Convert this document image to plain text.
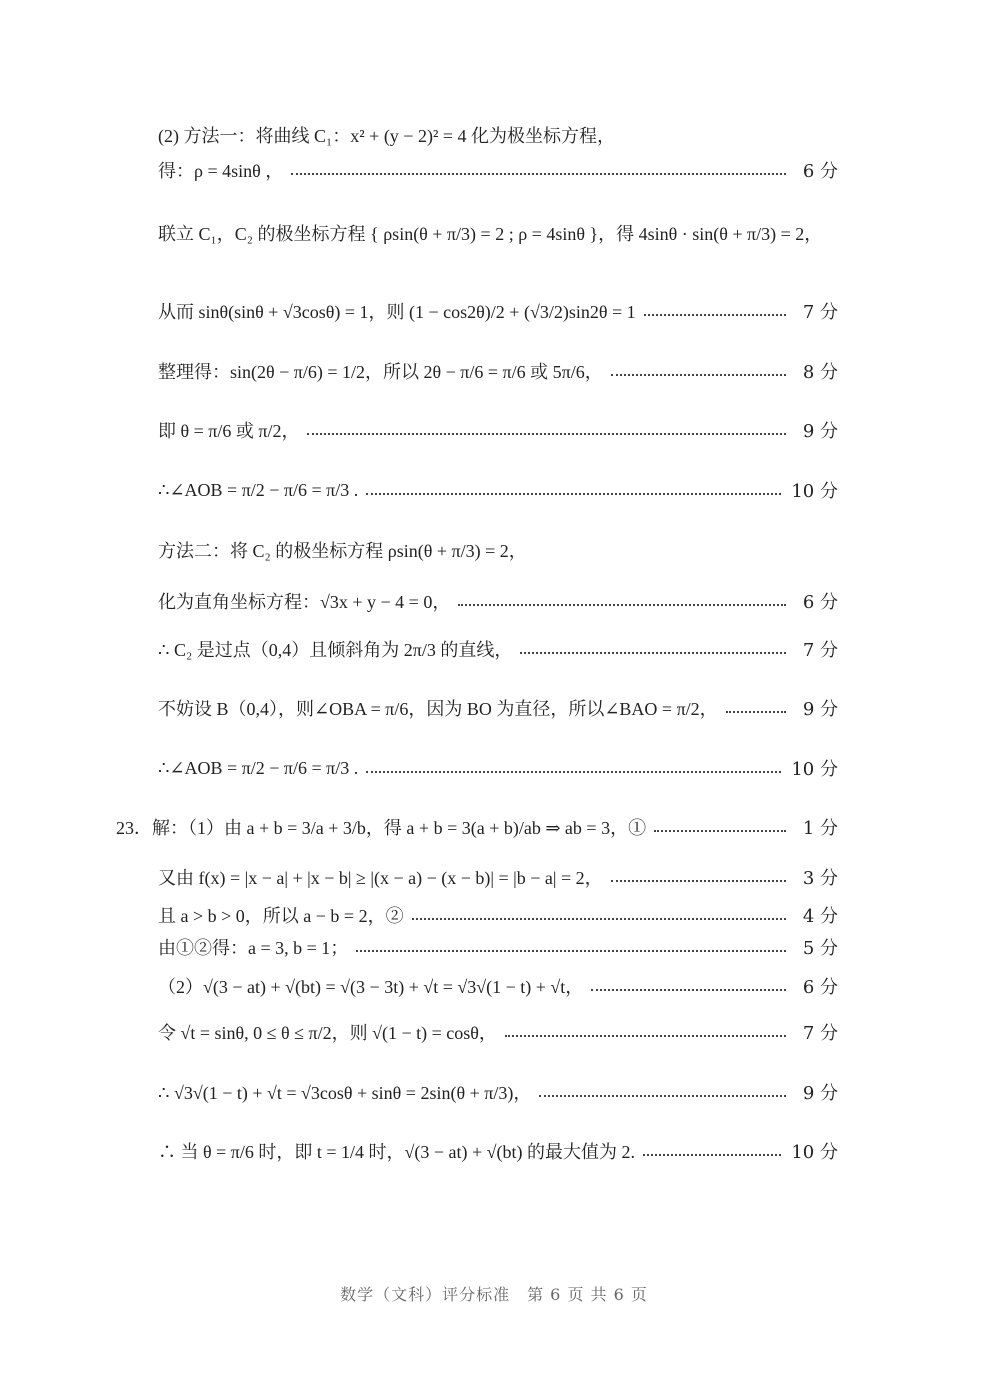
(2) 方法一：将曲线 C₁：x² + (y − 2)² = 4 化为极坐标方程，
得：ρ = 4sinθ ，	6 分
联立 C₁，C₂ 的极坐标方程 { ρsin(θ + π/3) = 2 ; ρ = 4sinθ }，得 4sinθ · sin(θ + π/3) = 2，
从而 sinθ(sinθ + √3cosθ) = 1，则 (1 − cos2θ)/2 + (√3/2)sin2θ = 1	7 分
整理得：sin(2θ − π/6) = 1/2，所以 2θ − π/6 = π/6 或 5π/6，	8 分
即 θ = π/6 或 π/2，	9 分
∴∠AOB = π/2 − π/6 = π/3 .	10 分
方法二：将 C₂ 的极坐标方程 ρsin(θ + π/3) = 2，
化为直角坐标方程：√3x + y − 4 = 0，	6 分
∴ C₂ 是过点（0,4）且倾斜角为 2π/3 的直线，	7 分
不妨设 B（0,4），则∠OBA = π/6，因为 BO 为直径，所以∠BAO = π/2，	9 分
∴∠AOB = π/2 − π/6 = π/3 .	10 分
23．解：（1）由 a + b = 3/a + 3/b，得 a + b = 3(a + b)/ab ⇒ ab = 3，①	1 分
又由 f(x) = |x − a| + |x − b| ≥ |(x − a) − (x − b)| = |b − a| = 2，	3 分
且 a > b > 0，所以 a − b = 2，②	4 分
由①②得：a = 3, b = 1；	5 分
（2）√(3 − at) + √(bt) = √(3 − 3t) + √t = √3√(1 − t) + √t，	6 分
令 √t = sinθ, 0 ≤ θ ≤ π/2，则 √(1 − t) = cosθ，	7 分
∴ √3√(1 − t) + √t = √3cosθ + sinθ = 2sin(θ + π/3)，	9 分
∴ 当 θ = π/6 时，即 t = 1/4 时，√(3 − at) + √(bt) 的最大值为 2.	10 分
数学（文科）评分标准　第 6 页 共 6 页
